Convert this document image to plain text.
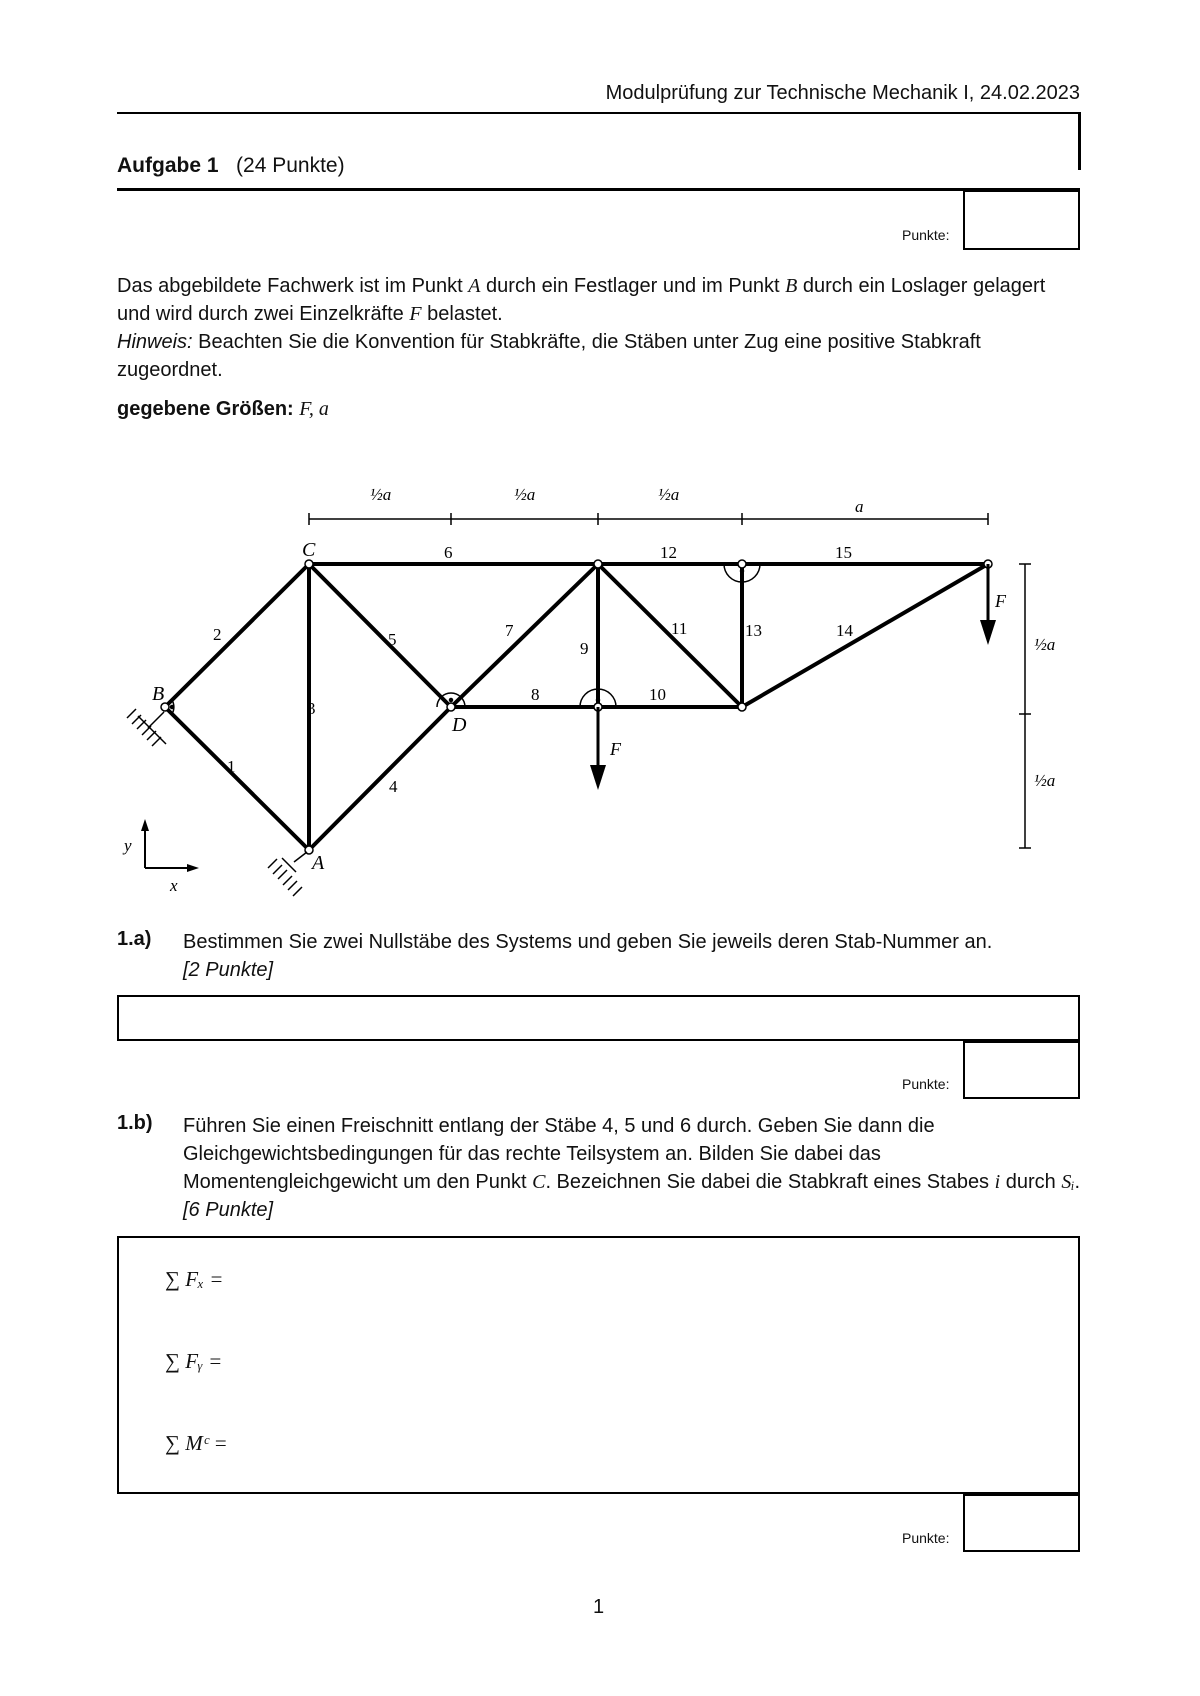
Modulprüfung zur Technische Mechanik I, 24.02.2023
Aufgabe 1 (24 Punkte)
Punkte:
Das abgebildete Fachwerk ist im Punkt A durch ein Festlager und im Punkt B durch ein Loslager gelagert und wird durch zwei Einzelkräfte F belastet.
Hinweis: Beachten Sie die Konvention für Stabkräfte, die Stäben unter Zug eine positive Stabkraft zugeordnet.
gegebene Größen: F, a
½a	½a	½a
a
½a
½a
F
F
C
B
D
A
1
2
3
4
5
6
7
8
9
10
11
12
13	14
15
x
y
1.a) Bestimmen Sie zwei Nullstäbe des Systems und geben Sie jeweils deren Stab-Nummer an.
[2 Punkte]
Punkte:
1.b) Führen Sie einen Freischnitt entlang der Stäbe 4, 5 und 6 durch. Geben Sie dann die Gleichgewichtsbedingungen für das rechte Teilsystem an. Bilden Sie dabei das Momentengleichgewicht um den Punkt C. Bezeichnen Sie dabei die Stabkraft eines Stabes i durch Sᵢ.
[6 Punkte]
∑ Fₓ =
∑ Fᵧ =
∑ Mᶜ =
Punkte:
1
